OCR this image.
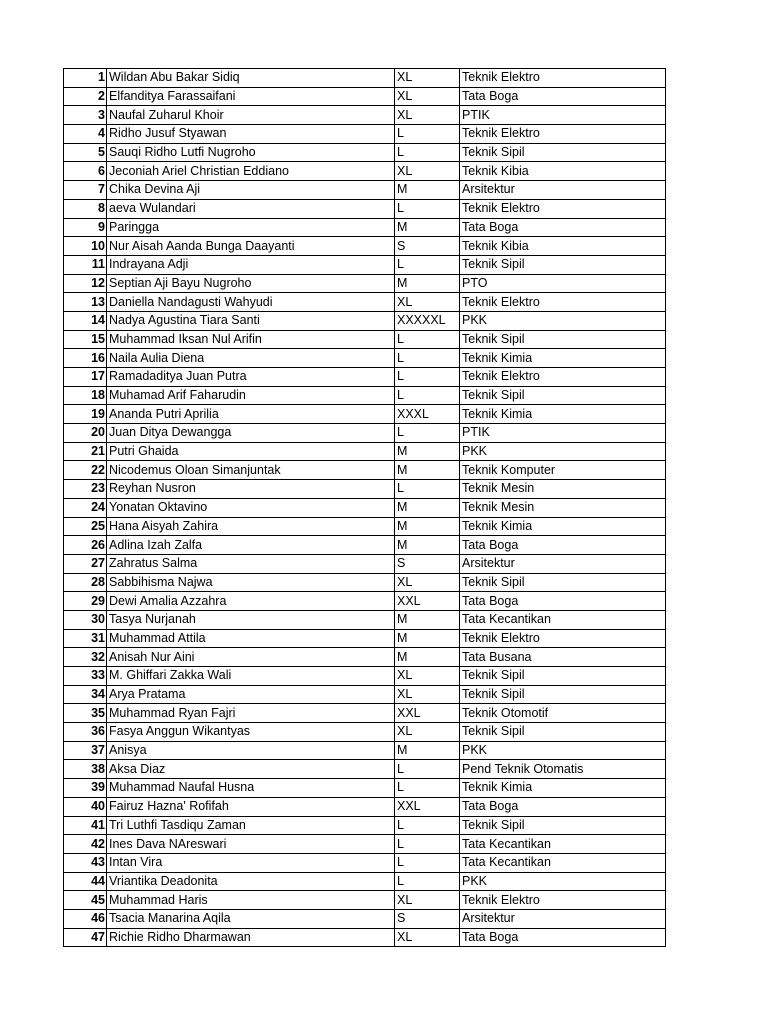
1	Wildan Abu Bakar Sidiq	XL	Teknik Elektro
2	Elfanditya Farassaifani	XL	Tata Boga
3	Naufal Zuharul Khoir	XL	PTIK
4	Ridho Jusuf Styawan	L	Teknik Elektro
5	Sauqi Ridho Lutfi Nugroho	L	Teknik Sipil
6	Jeconiah Ariel Christian Eddiano	XL	Teknik Kibia
7	Chika Devina Aji	M	Arsitektur
8	aeva Wulandari	L	Teknik Elektro
9	Paringga	M	Tata Boga
10	Nur Aisah Aanda Bunga Daayanti	S	Teknik Kibia
11	Indrayana Adji	L	Teknik Sipil
12	Septian Aji Bayu Nugroho	M	PTO
13	Daniella Nandagusti Wahyudi	XL	Teknik Elektro
14	Nadya Agustina Tiara Santi	XXXXXL	PKK
15	Muhammad Iksan Nul Arifin	L	Teknik Sipil
16	Naila Aulia Diena	L	Teknik Kimia
17	Ramadaditya Juan Putra	L	Teknik Elektro
18	Muhamad Arif Faharudin	L	Teknik Sipil
19	Ananda Putri Aprilia	XXXL	Teknik Kimia
20	Juan Ditya Dewangga	L	PTIK
21	Putri Ghaida	M	PKK
22	Nicodemus Oloan Simanjuntak	M	Teknik Komputer
23	Reyhan Nusron	L	Teknik Mesin
24	Yonatan Oktavino	M	Teknik Mesin
25	Hana Aisyah Zahira	M	Teknik Kimia
26	Adlina Izah Zalfa	M	Tata Boga
27	Zahratus Salma	S	Arsitektur
28	Sabbihisma Najwa	XL	Teknik Sipil
29	Dewi Amalia Azzahra	XXL	Tata Boga
30	Tasya Nurjanah	M	Tata Kecantikan
31	Muhammad Attila	M	Teknik Elektro
32	Anisah Nur Aini	M	Tata Busana
33	M. Ghiffari Zakka Wali	XL	Teknik Sipil
34	Arya Pratama	XL	Teknik Sipil
35	Muhammad Ryan Fajri	XXL	Teknik Otomotif
36	Fasya Anggun Wikantyas	XL	Teknik Sipil
37	Anisya	M	PKK
38	Aksa Diaz	L	Pend Teknik Otomatis
39	Muhammad Naufal Husna	L	Teknik Kimia
40	Fairuz Hazna' Rofifah	XXL	Tata Boga
41	Tri Luthfi Tasdiqu Zaman	L	Teknik Sipil
42	Ines Dava NAreswari	L	Tata Kecantikan
43	Intan Vira	L	Tata Kecantikan
44	Vriantika Deadonita	L	PKK
45	Muhammad Haris	XL	Teknik Elektro
46	Tsacia Manarina Aqila	S	Arsitektur
47	Richie Ridho Dharmawan	XL	Tata Boga
